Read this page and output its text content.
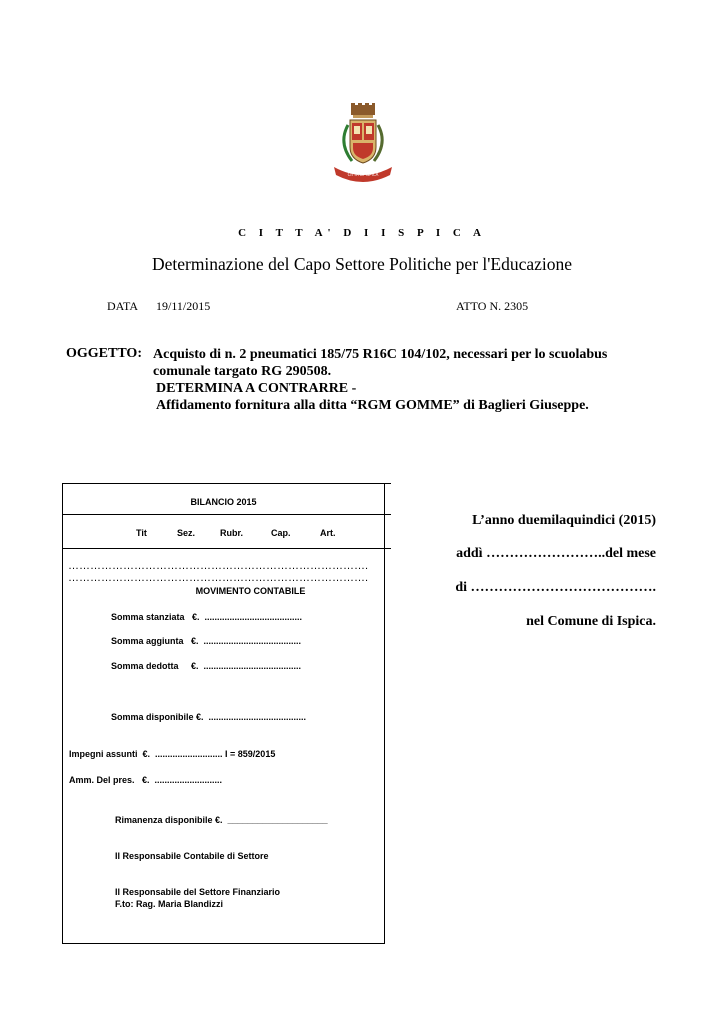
CITTÀ DI ISPICA
C I T T A' D I I S P I C A
Determinazione del Capo Settore Politiche per l'Educazione
DATA 19/11/2015	ATTO N. 2305
OGGETTO: Acquisto di n. 2 pneumatici 185/75 R16C 104/102, necessari per lo scuolabus
comunale targato RG 290508.
DETERMINA A CONTRARRE -
Affidamento fornitura alla ditta “RGM GOMME” di Baglieri Giuseppe.
BILANCIO 2015
Tit	Sez.	Rubr.	Cap.	Art.
……………………………………………………………………….
……………………………………………………………………….
MOVIMENTO CONTABILE
Somma stanziata   €.  .......................................
Somma aggiunta   €.  .......................................
Somma dedotta     €.  .......................................
Somma disponibile €.  .......................................
Impegni assunti  €.  ........................... I = 859/2015
Amm. Del pres.   €.  ...........................
Rimanenza disponibile €.  ____________________
Il Responsabile Contabile di Settore
Il Responsabile del Settore Finanziario
F.to: Rag. Maria Blandizzi
L’anno duemilaquindici (2015)
addì ……………………..del mese
di ………………………………….
nel Comune di Ispica.
